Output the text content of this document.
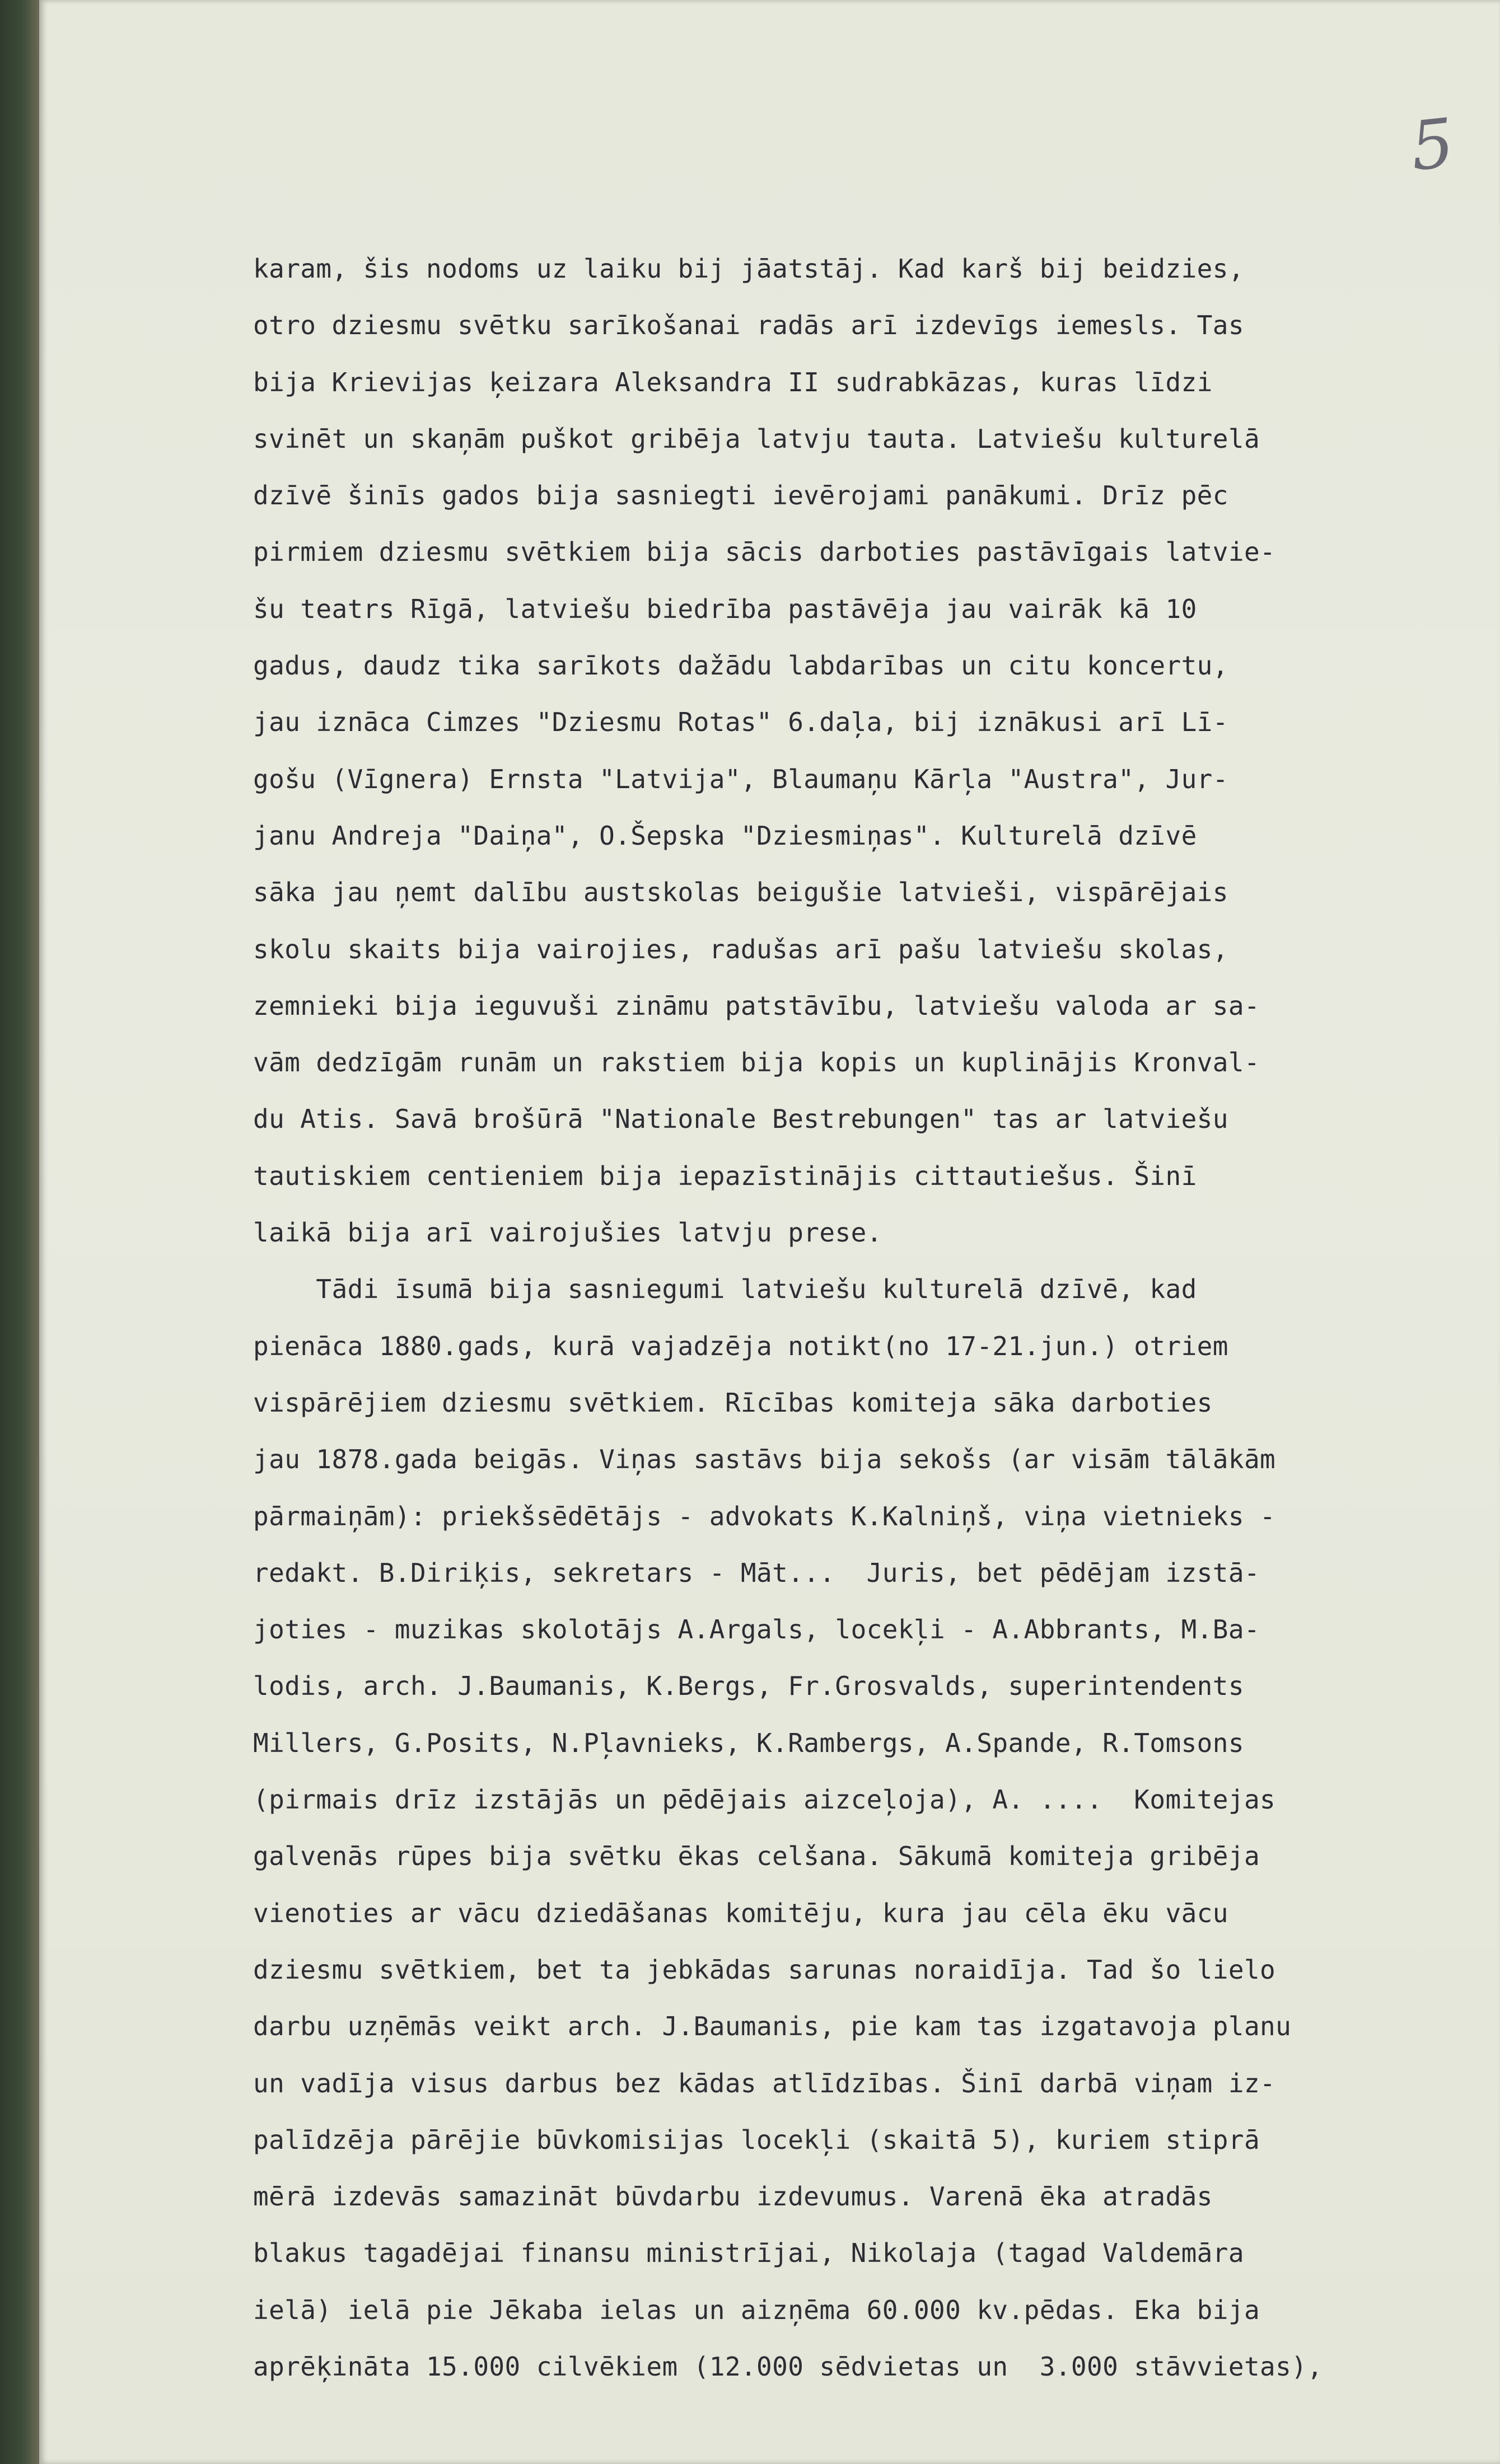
5
karam, šis nodoms uz laiku bij jāatstāj. Kad karš bij beidzies,
otro dziesmu svētku sarīkošanai radās arī izdevīgs iemesls. Tas
bija Krievijas ķeizara Aleksandra II sudrabkāzas, kuras līdzi
svinēt un skaņām puškot gribēja latvju tauta. Latviešu kulturelā
dzīvē šinīs gados bija sasniegti ievērojami panākumi. Drīz pēc
pirmiem dziesmu svētkiem bija sācis darboties pastāvīgais latvie-
šu teatrs Rīgā, latviešu biedrība pastāvēja jau vairāk kā 10
gadus, daudz tika sarīkots dažādu labdarības un citu koncertu,
jau iznāca Cimzes "Dziesmu Rotas" 6.daļa, bij iznākusi arī Lī-
gošu (Vīgnera) Ernsta "Latvija", Blaumaņu Kārļa "Austra", Jur-
janu Andreja "Daiņa", O.Šepska "Dziesmiņas". Kulturelā dzīvē
sāka jau ņemt dalību austskolas beigušie latvieši, vispārējais
skolu skaits bija vairojies, radušas arī pašu latviešu skolas,
zemnieki bija ieguvuši zināmu patstāvību, latviešu valoda ar sa-
vām dedzīgām runām un rakstiem bija kopis un kuplinājis Kronval-
du Atis. Savā brošūrā "Nationale Bestrebungen" tas ar latviešu
tautiskiem centieniem bija iepazīstinājis cittautiešus. Šinī
laikā bija arī vairojušies latvju prese.
Tādi īsumā bija sasniegumi latviešu kulturelā dzīvē, kad
pienāca 1880.gads, kurā vajadzēja notikt(no 17-21.jun.) otriem
vispārējiem dziesmu svētkiem. Rīcības komiteja sāka darboties
jau 1878.gada beigās. Viņas sastāvs bija sekošs (ar visām tālākām
pārmaiņām): priekšsēdētājs - advokats K.Kalniņš, viņa vietnieks -
redakt. B.Diriķis, sekretars - Māt...  Juris, bet pēdējam izstā-
joties - muzikas skolotājs A.Argals, locekļi - A.Abbrants, M.Ba-
lodis, arch. J.Baumanis, K.Bergs, Fr.Grosvalds, superintendents
Millers, G.Posits, N.Pļavnieks, K.Rambergs, A.Spande, R.Tomsons
(pirmais drīz izstājās un pēdējais aizceļoja), A. ....  Komitejas
galvenās rūpes bija svētku ēkas celšana. Sākumā komiteja gribēja
vienoties ar vācu dziedāšanas komitēju, kura jau cēla ēku vācu
dziesmu svētkiem, bet ta jebkādas sarunas noraidīja. Tad šo lielo
darbu uzņēmās veikt arch. J.Baumanis, pie kam tas izgatavoja planu
un vadīja visus darbus bez kādas atlīdzības. Šinī darbā viņam iz-
palīdzēja pārējie būvkomisijas locekļi (skaitā 5), kuriem stiprā
mērā izdevās samazināt būvdarbu izdevumus. Varenā ēka atradās
blakus tagadējai finansu ministrījai, Nikolaja (tagad Valdemāra
ielā) ielā pie Jēkaba ielas un aizņēma 60.000 kv.pēdas. Eka bija
aprēķināta 15.000 cilvēkiem (12.000 sēdvietas un  3.000 stāvvietas),
